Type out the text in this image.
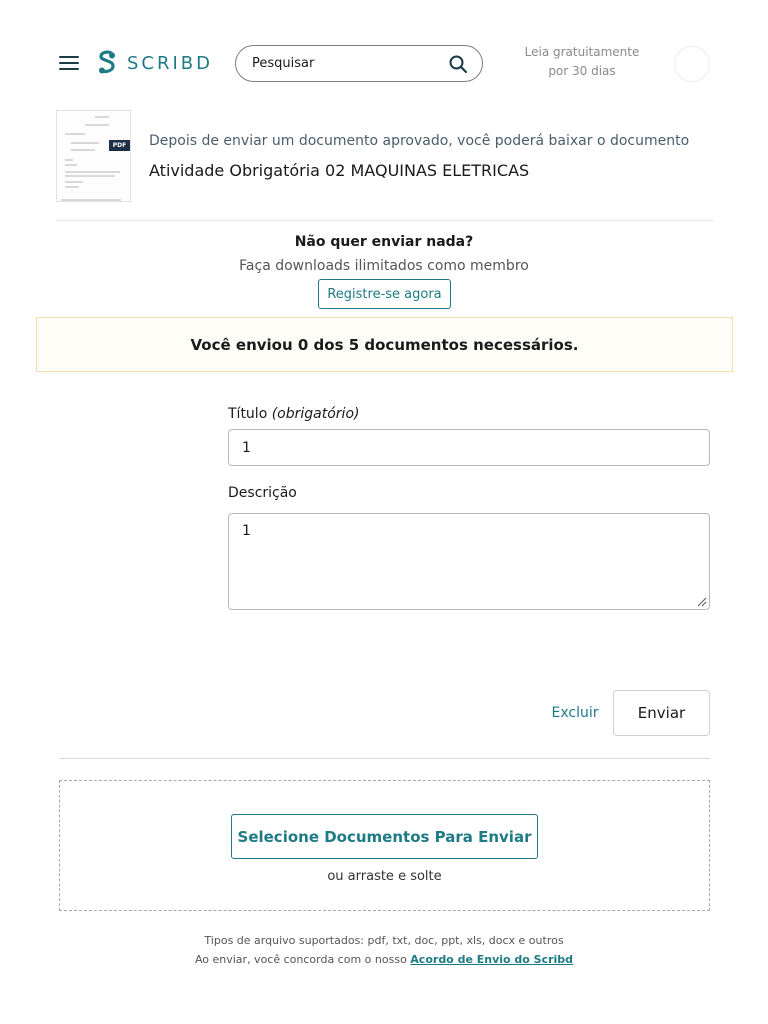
SCRIBD
Pesquisar
Leia gratuitamente
por 30 dias
PDF Depois de enviar um documento aprovado, você poderá baixar o documento
Atividade Obrigatória 02 MAQUINAS ELETRICAS
Não quer enviar nada?
Faça downloads ilimitados como membro
Registre-se agora
Você enviou 0 dos 5 documentos necessários.
Título (obrigatório)
1
Descrição
1
Excluir	Enviar
Selecione Documentos Para Enviar
ou arraste e solte
Tipos de arquivo suportados: pdf, txt, doc, ppt, xls, docx e outros
Ao enviar, você concorda com o nosso Acordo de Envio do Scribd
